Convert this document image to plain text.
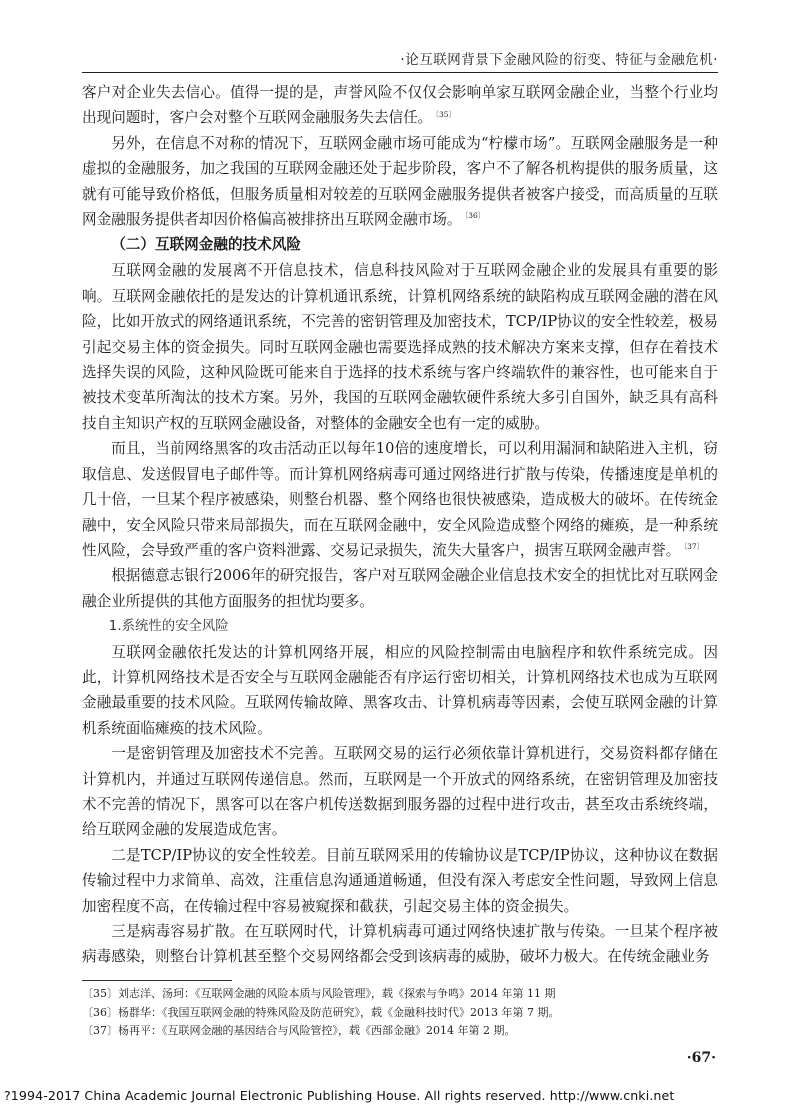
·论互联网背景下金融风险的衍变、特征与金融危机·

客户对企业失去信心。值得一提的是，声誉风险不仅仅会影响单家互联网金融企业，当整个行业均出现问题时，客户会对整个互联网金融服务失去信任。 $^{〔35〕}$

另外，在信息不对称的情况下，互联网金融市场可能成为“柠檬市场”。互联网金融服务是一种虚拟的金融服务，加之我国的互联网金融还处于起步阶段，客户不了解各机构提供的服务质量，这就有可能导致价格低，但服务质量相对较差的互联网金融服务提供者被客户接受，而高质量的互联网金融服务提供者却因价格偏高被排挤出互联网金融市场。 $^{〔36〕}$

（二）互联网金融的技术风险

互联网金融的发展离不开信息技术，信息科技风险对于互联网金融企业的发展具有重要的影响。互联网金融依托的是发达的计算机通讯系统，计算机网络系统的缺陷构成互联网金融的潜在风险，比如开放式的网络通讯系统，不完善的密钥管理及加密技术，TCP/IP协议的安全性较差，极易引起交易主体的资金损失。同时互联网金融也需要选择成熟的技术解决方案来支撑，但存在着技术选择失误的风险，这种风险既可能来自于选择的技术系统与客户终端软件的兼容性，也可能来自于被技术变革所淘汰的技术方案。另外，我国的互联网金融软硬件系统大多引自国外，缺乏具有高科技自主知识产权的互联网金融设备，对整体的金融安全也有一定的威胁。

而且，当前网络黑客的攻击活动正以每年10倍的速度增长，可以利用漏洞和缺陷进入主机，窃取信息、发送假冒电子邮件等。而计算机网络病毒可通过网络进行扩散与传染，传播速度是单机的几十倍，一旦某个程序被感染，则整台机器、整个网络也很快被感染，造成极大的破坏。在传统金融中，安全风险只带来局部损失，而在互联网金融中，安全风险造成整个网络的瘫痪，是一种系统性风险，会导致严重的客户资料泄露、交易记录损失，流失大量客户，损害互联网金融声誉。 $^{〔37〕}$

根据德意志银行2006年的研究报告，客户对互联网金融企业信息技术安全的担忧比对互联网金融企业所提供的其他方面服务的担忧均要多。

1.系统性的安全风险

互联网金融依托发达的计算机网络开展，相应的风险控制需由电脑程序和软件系统完成。因此，计算机网络技术是否安全与互联网金融能否有序运行密切相关，计算机网络技术也成为互联网金融最重要的技术风险。互联网传输故障、黑客攻击、计算机病毒等因素，会使互联网金融的计算机系统面临瘫痪的技术风险。

一是密钥管理及加密技术不完善。互联网交易的运行必须依靠计算机进行，交易资料都存储在计算机内，并通过互联网传递信息。然而，互联网是一个开放式的网络系统，在密钥管理及加密技术不完善的情况下，黑客可以在客户机传送数据到服务器的过程中进行攻击，甚至攻击系统终端，给互联网金融的发展造成危害。

二是TCP/IP协议的安全性较差。目前互联网采用的传输协议是TCP/IP协议，这种协议在数据传输过程中力求简单、高效，注重信息沟通通道畅通，但没有深入考虑安全性问题，导致网上信息加密程度不高，在传输过程中容易被窥探和截获，引起交易主体的资金损失。

三是病毒容易扩散。在互联网时代，计算机病毒可通过网络快速扩散与传染。一旦某个程序被病毒感染，则整台计算机甚至整个交易网络都会受到该病毒的威胁，破坏力极大。在传统金融业务

〔35〕刘志洋、汤珂：《互联网金融的风险本质与风险管理》，载《探索与争鸣》2014 年第 11 期

〔36〕杨群华：《我国互联网金融的特殊风险及防范研究》，载《金融科技时代》2013 年第 7 期。

〔37〕杨再平：《互联网金融的基因结合与风险管控》，载《西部金融》2014 年第 2 期。

·67·
?1994-2017 China Academic Journal Electronic Publishing House. All rights reserved. http://www.cnki.net
